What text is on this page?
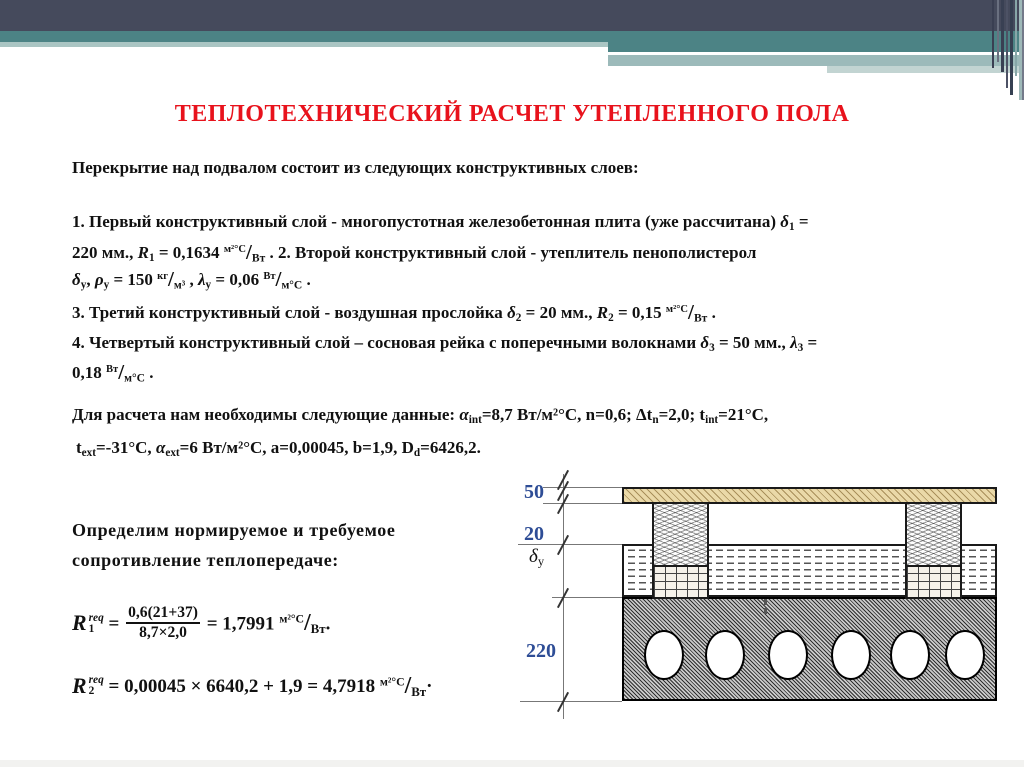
ТЕПЛОТЕХНИЧЕСКИЙ РАСЧЕТ УТЕПЛЕННОГО ПОЛА
Перекрытие над подвалом состоит из следующих конструктивных слоев:
1. Первый конструктивный слой - многопустотная железобетонная плита (уже рассчитана) δ1 =
220 мм., R1 = 0,1634 $^{м^2^\circ С}/_{Вт}$ . 2. Второй конструктивный слой - утеплитель пенополистерол
δу, ρу = 150 $^{кг}/_{м^3}$ , λу = 0,06 $^{Вт}/_{м^\circ С}$ .
3. Третий конструктивный слой - воздушная прослойка δ2 = 20 мм., R2 = 0,15 $^{м^2^\circ С}/_{Вт}$ .
4. Четвертый конструктивный слой – сосновая рейка с поперечными волокнами δ3 = 50 мм., λ3 =
0,18 $^{Вт}/_{м^\circ С}$ .
Для расчета нам необходимы следующие данные: αint=8,7 Вт/м²°С, n=0,6; Δtn=2,0; tint=21°С,
text=-31°С, αext=6 Вт/м²°С, a=0,00045, b=1,9, Dd=6426,2.
Определим нормируемое и требуемое
сопротивление теплопередаче:
R req
$1 = \frac{0,6(21+37)}{8,7\times 2,0} = 1,7991$ $^{м^2^\circ С}/_{Вт}$.
R req
2 = 0,00045 × 6640,2 + 1,9 = 4,7918 $^{м^2^\circ С}/_{Вт}\cdot$
50
20
δу
220
